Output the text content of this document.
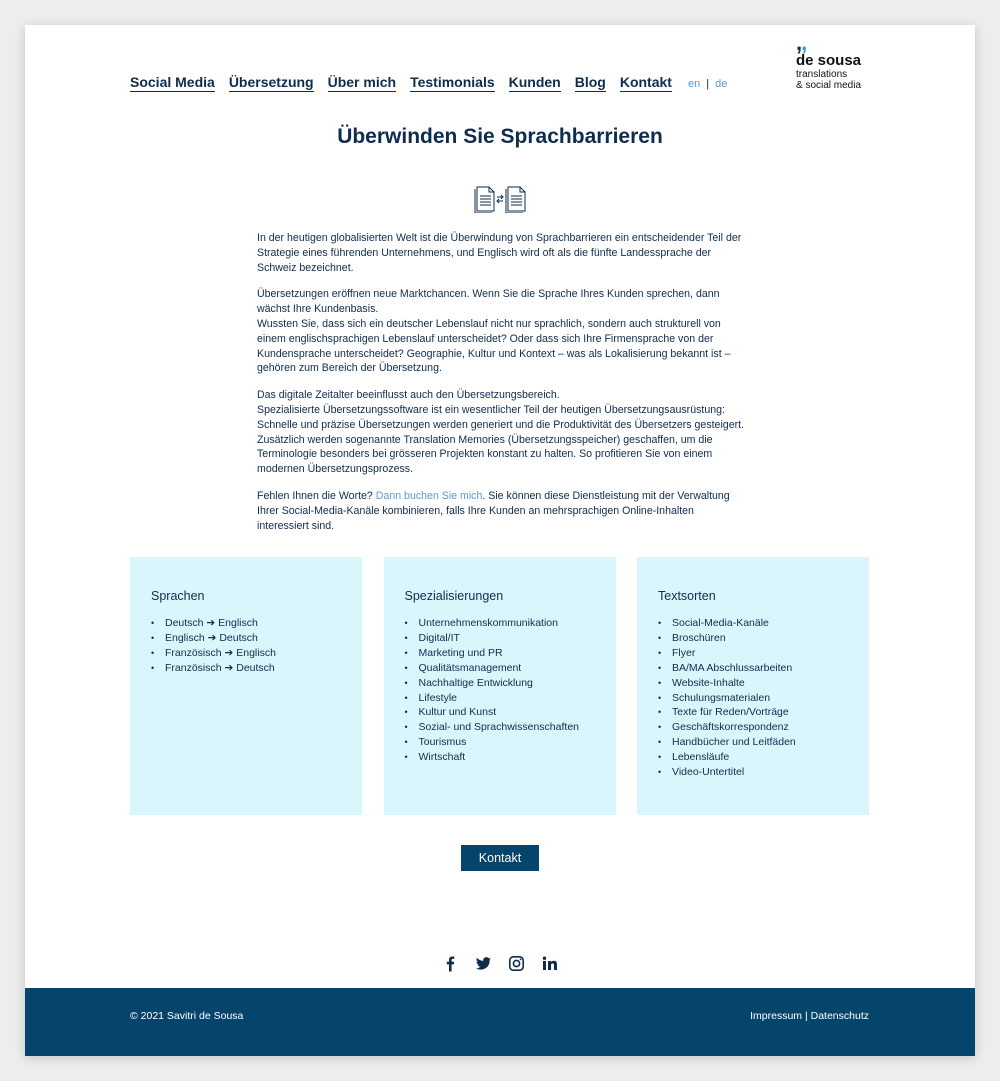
Social Media Übersetzung Über mich Testimonials Kunden Blog Kontakt en | de
,,
de sousa
translations
& social media
Überwinden Sie Sprachbarrieren

In der heutigen globalisierten Welt ist die Überwindung von Sprachbarrieren ein entscheidender Teil der Strategie eines führenden Unternehmens, und Englisch wird oft als die fünfte Landessprache der Schweiz bezeichnet.

Übersetzungen eröffnen neue Marktchancen. Wenn Sie die Sprache Ihres Kunden sprechen, dann wächst Ihre Kundenbasis.
Wussten Sie, dass sich ein deutscher Lebenslauf nicht nur sprachlich, sondern auch strukturell von einem englischsprachigen Lebenslauf unterscheidet? Oder dass sich Ihre Firmensprache von der Kundensprache unterscheidet? Geographie, Kultur und Kontext – was als Lokalisierung bekannt ist – gehören zum Bereich der Übersetzung.

Das digitale Zeitalter beeinflusst auch den Übersetzungsbereich.
Spezialisierte Übersetzungssoftware ist ein wesentlicher Teil der heutigen Übersetzungsausrüstung: Schnelle und präzise Übersetzungen werden generiert und die Produktivität des Übersetzers gesteigert. Zusätzlich werden sogenannte Translation Memories (Übersetzungsspeicher) geschaffen, um die Terminologie besonders bei grösseren Projekten konstant zu halten. So profitieren Sie von einem modernen Übersetzungsprozess.

Fehlen Ihnen die Worte? Dann buchen Sie mich. Sie können diese Dienstleistung mit der Verwaltung Ihrer Social-Media-Kanäle kombinieren, falls Ihre Kunden an mehrsprachigen Online-Inhalten interessiert sind.

Sprachen
• Deutsch ➔ Englisch
• Englisch ➔ Deutsch
• Französisch ➔ Englisch
• Französisch ➔ Deutsch
Spezialisierungen
• Unternehmenskommunikation
• Digital/IT
• Marketing und PR
• Qualitätsmanagement
• Nachhaltige Entwicklung
• Lifestyle
• Kultur und Kunst
• Sozial- und Sprachwissenschaften
• Tourismus
• Wirtschaft
Textsorten
• Social-Media-Kanäle
• Broschüren
• Flyer
• BA/MA Abschlussarbeiten
• Website-Inhalte
• Schulungsmaterialen
• Texte für Reden/Vorträge
• Geschäftskorrespondenz
• Handbücher und Leitfäden
• Lebensläufe
• Video-Untertitel
Kontakt
© 2021 Savitri de Sousa	Impressum | Datenschutz
